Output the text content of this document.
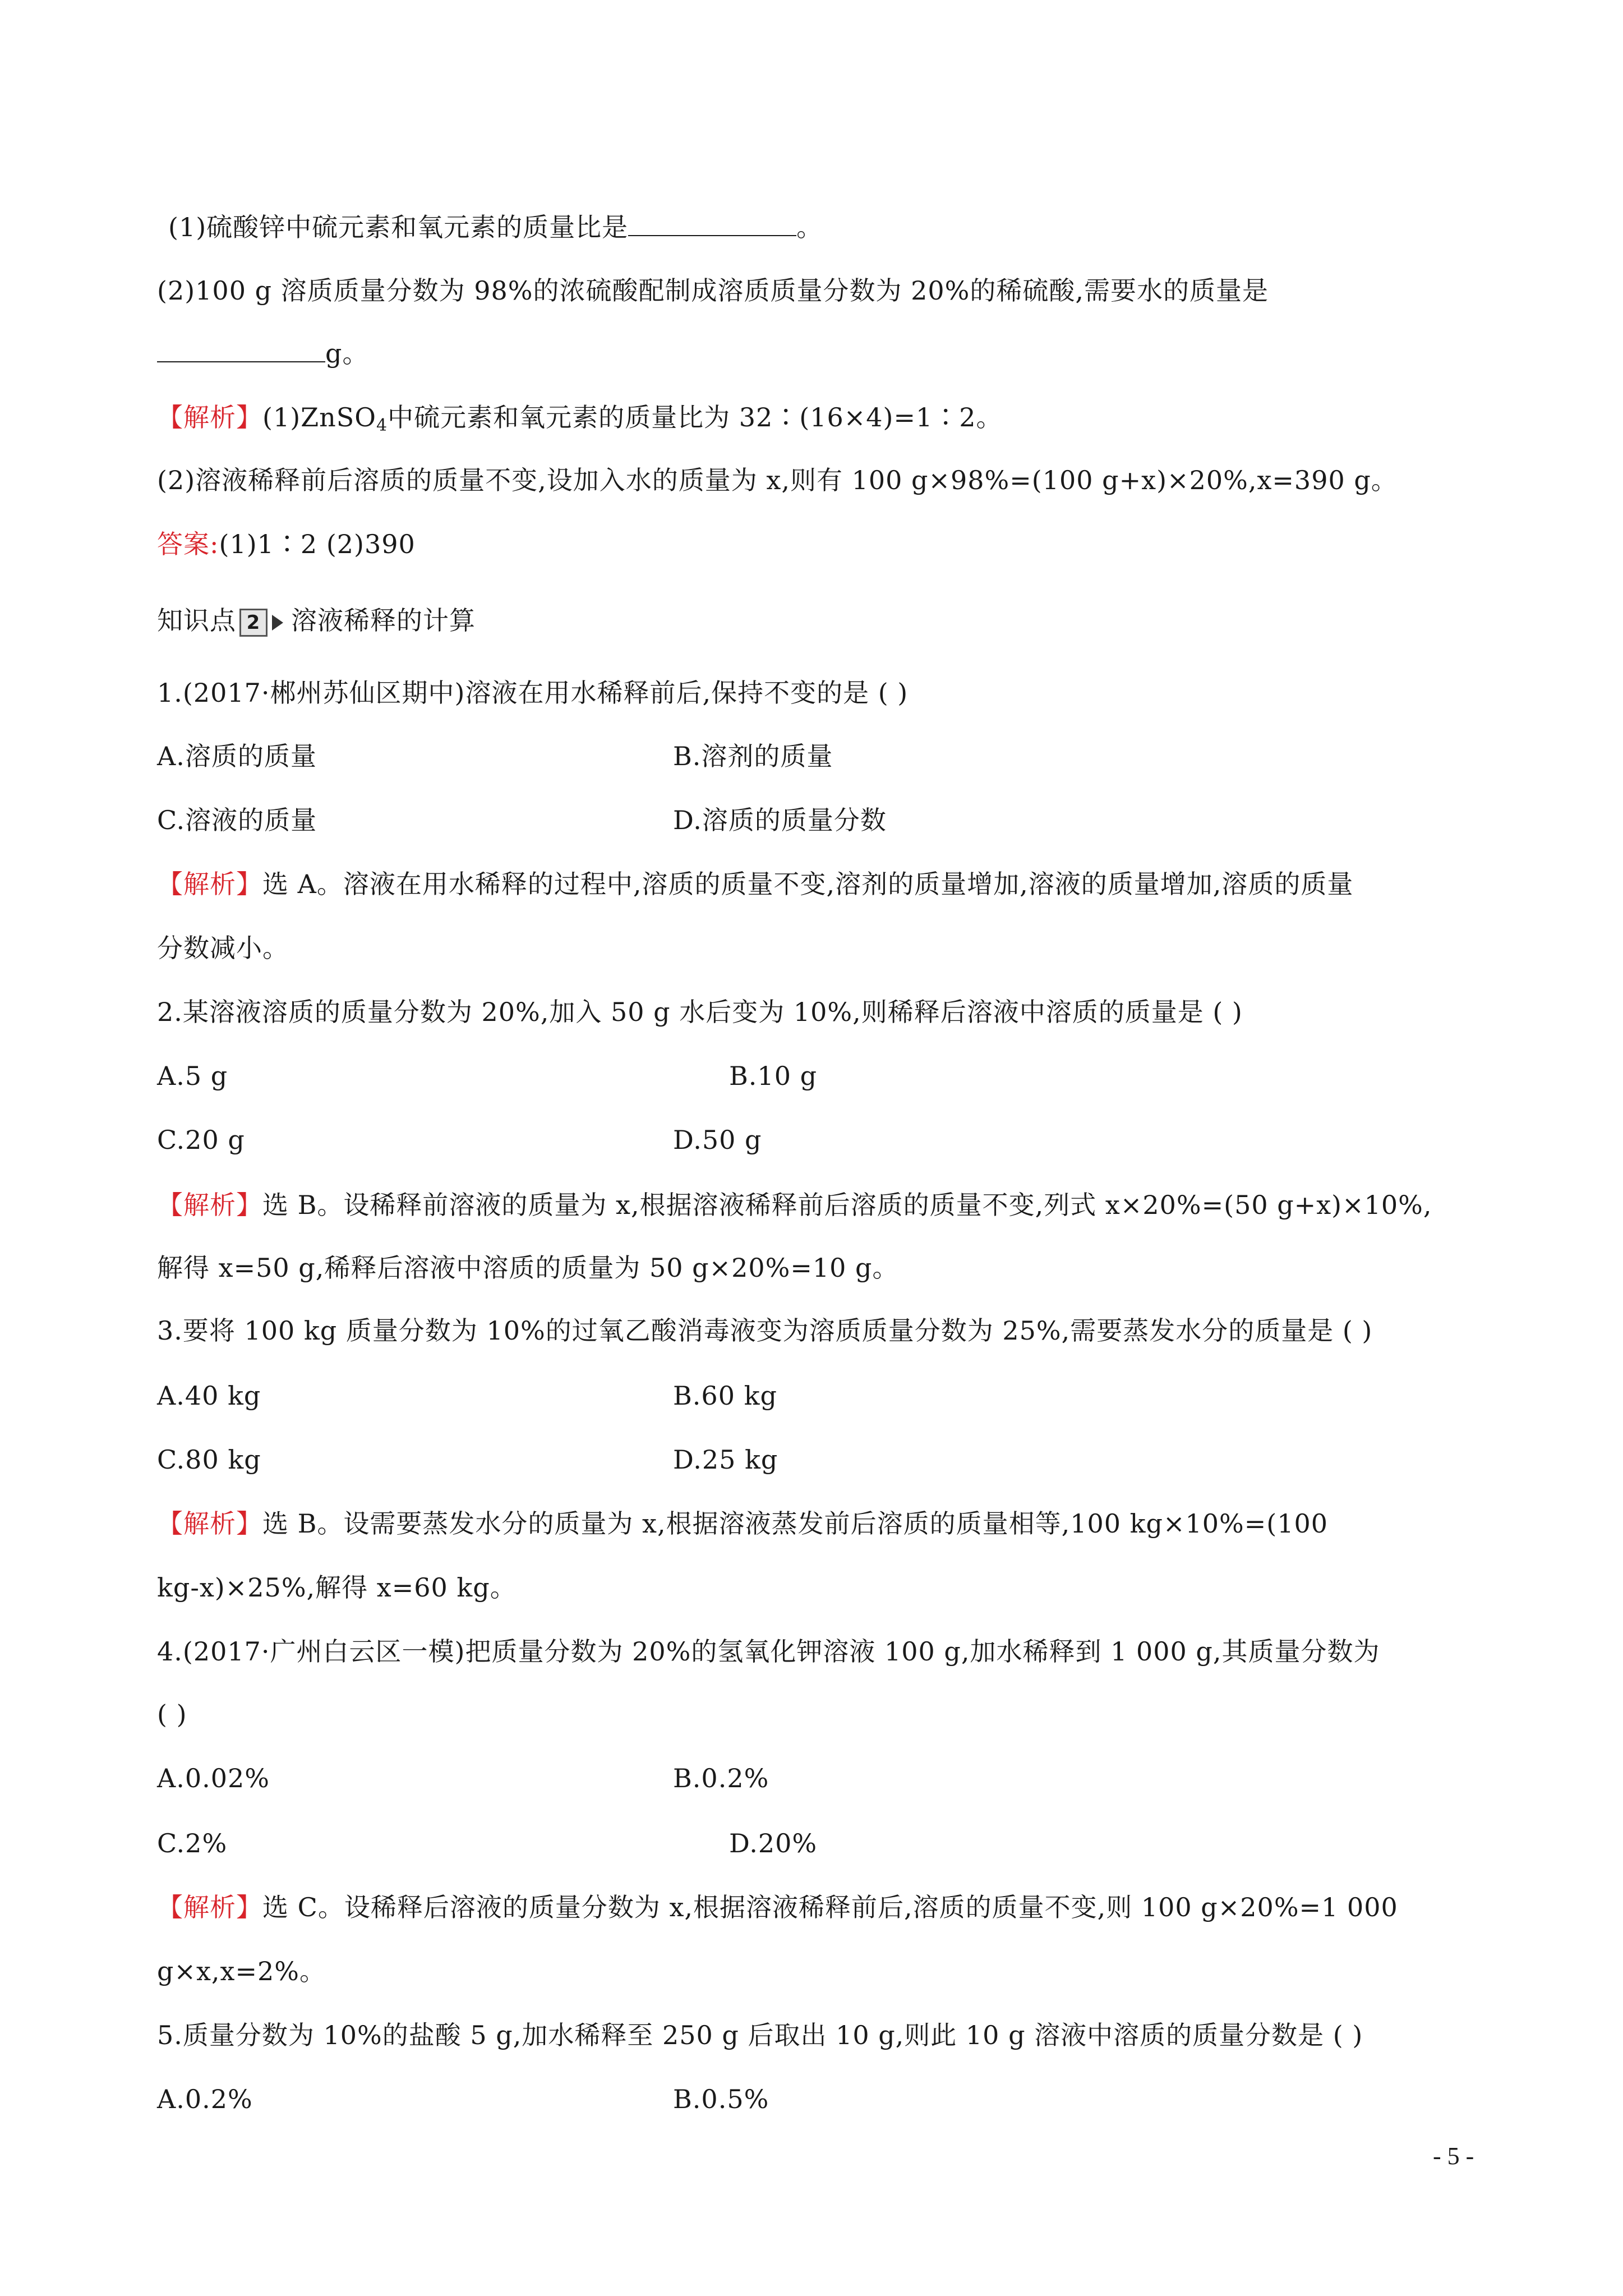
(1)硫酸锌中硫元素和氧元素的质量比是	。
(2)100 g 溶质质量分数为 98%的浓硫酸配制成溶质质量分数为 20%的稀硫酸,需要水的质量是
g。
【解析】(1)ZnSO$_4$中硫元素和氧元素的质量比为 32∶(16×4)=1∶2。
(2)溶液稀释前后溶质的质量不变,设加入水的质量为 x,则有 100 g×98%=(100 g+x)×20%,x=390 g。
答案:(1)1∶2 (2)390
知识点 2 溶液稀释的计算
1.(2017·郴州苏仙区期中)溶液在用水稀释前后,保持不变的是 ( )
A.溶质的质量	B.溶剂的质量
C.溶液的质量	D.溶质的质量分数
【解析】选 A。溶液在用水稀释的过程中,溶质的质量不变,溶剂的质量增加,溶液的质量增加,溶质的质量
分数减小。
2.某溶液溶质的质量分数为 20%,加入 50 g 水后变为 10%,则稀释后溶液中溶质的质量是 ( )
A.5 g	B.10 g
C.20 g	D.50 g
【解析】选 B。设稀释前溶液的质量为 x,根据溶液稀释前后溶质的质量不变,列式 x×20%=(50 g+x)×10%,
解得 x=50 g,稀释后溶液中溶质的质量为 50 g×20%=10 g。
3.要将 100 kg 质量分数为 10%的过氧乙酸消毒液变为溶质质量分数为 25%,需要蒸发水分的质量是 ( )
A.40 kg	B.60 kg
C.80 kg	D.25 kg
【解析】选 B。设需要蒸发水分的质量为 x,根据溶液蒸发前后溶质的质量相等,100 kg×10%=(100
kg-x)×25%,解得 x=60 kg。
4.(2017·广州白云区一模)把质量分数为 20%的氢氧化钾溶液 100 g,加水稀释到 1 000 g,其质量分数为
( )
A.0.02%	B.0.2%
C.2%	D.20%
【解析】选 C。设稀释后溶液的质量分数为 x,根据溶液稀释前后,溶质的质量不变,则 100 g×20%=1 000
g×x,x=2%。
5.质量分数为 10%的盐酸 5 g,加水稀释至 250 g 后取出 10 g,则此 10 g 溶液中溶质的质量分数是 ( )
A.0.2%	B.0.5%
- 5 -
